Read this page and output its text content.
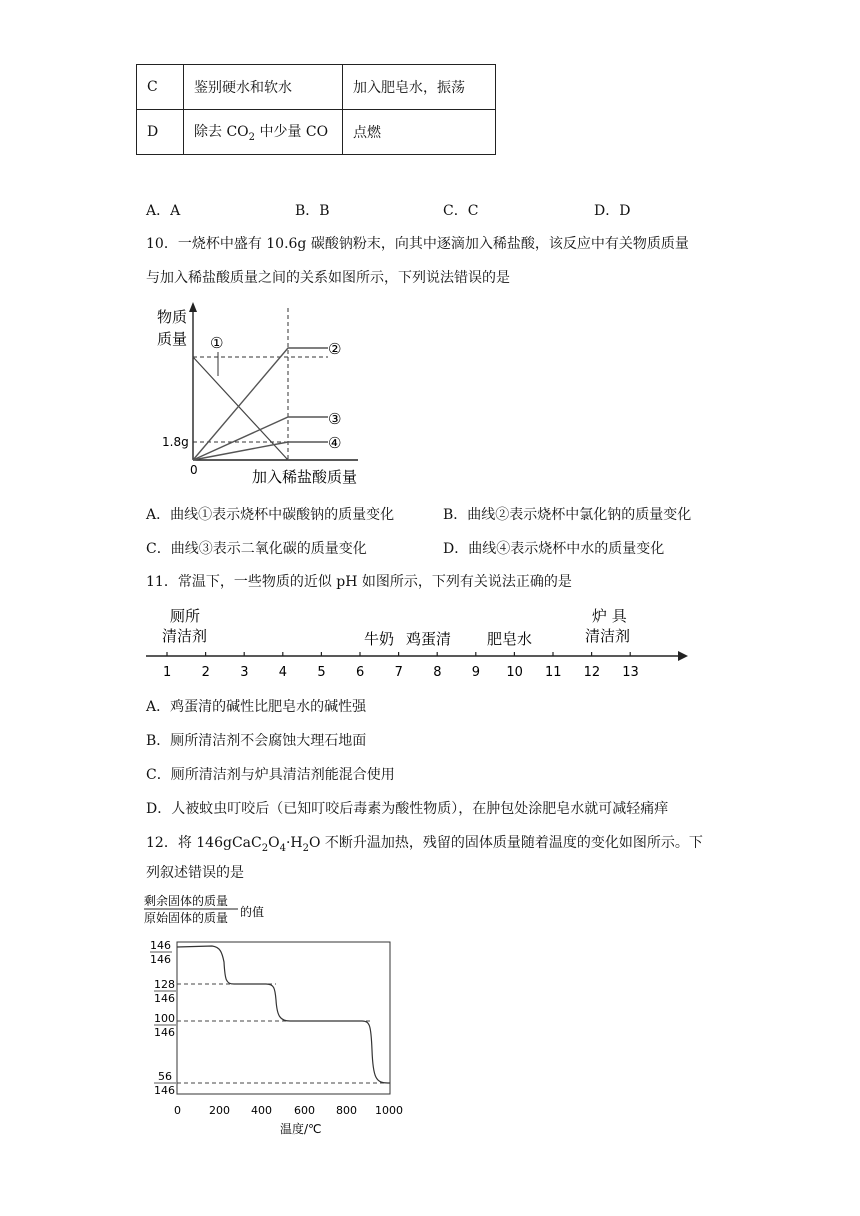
C	鉴别硬水和软水	加入肥皂水，振荡
D	除去 $CO_2$ 中少量 CO	点燃
A．A	B．B	C．C	D．D
10．一烧杯中盛有 10.6g 碳酸钠粉末，向其中逐滴加入稀盐酸，该反应中有关物质质量
与加入稀盐酸质量之间的关系如图所示，下列说法错误的是
物质
质量 ①	②
③
④
1.8g
0	加入稀盐酸质量
A．曲线①表示烧杯中碳酸钠的质量变化	B．曲线②表示烧杯中氯化钠的质量变化
C．曲线③表示二氧化碳的质量变化	D．曲线④表示烧杯中水的质量变化
11．常温下，一些物质的近似 pH 如图所示，下列有关说法正确的是
1 2 3 4 5 6 7 8 9 10 11 12 13
厕所
清洁剂	牛奶 鸡蛋清 肥皂水
炉 具
清洁剂
A．鸡蛋清的碱性比肥皂水的碱性强
B．厕所清洁剂不会腐蚀大理石地面
C．厕所清洁剂与炉具清洁剂能混合使用
D．人被蚊虫叮咬后（已知叮咬后毒素为酸性物质），在肿包处涂肥皂水就可减轻痛痒
12．将 $146gCaC_2O_4\cdot H_2O$ 不断升温加热，残留的固体质量随着温度的变化如图所示。下
列叙述错误的是
剩余固体的质量
原始固体的质量 的值
146
146
128
146
100
146
56
146
0	200 400 600 800 1000
温度/℃
